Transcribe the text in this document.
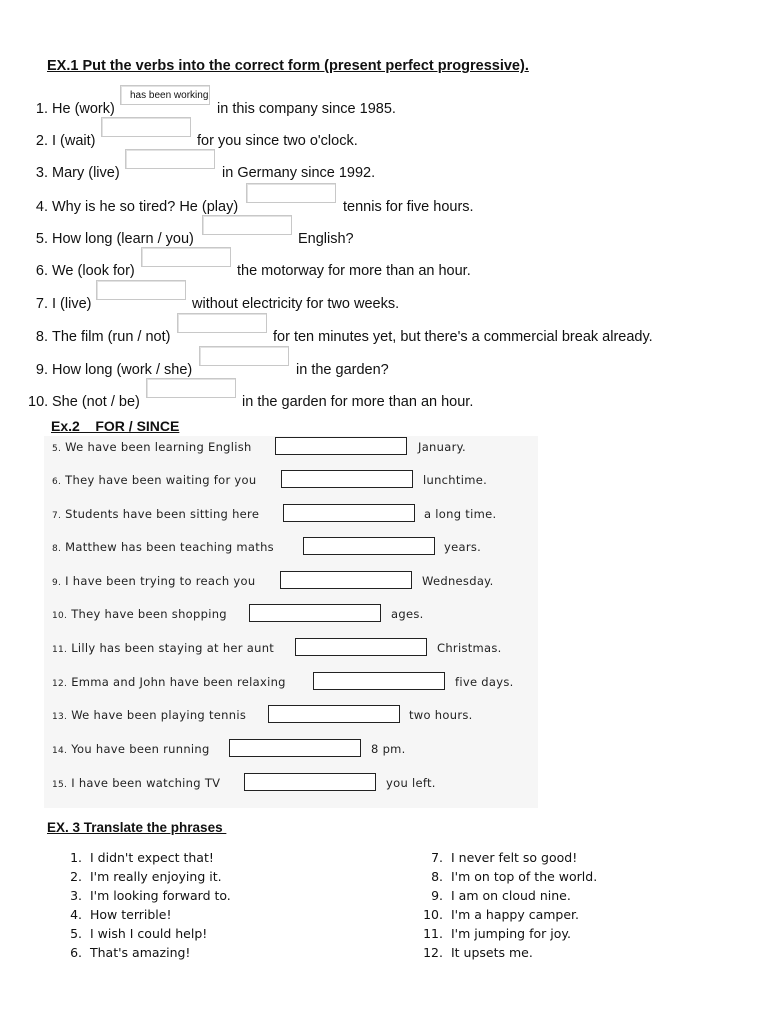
EX.1 Put the verbs into the correct form (present perfect progressive).
1. He (work)
has been working	in this company since 1985.
2. I (wait)	for you since two o'clock.
3. Mary (live)	in Germany since 1992.
4. Why is he so tired? He (play)	tennis for five hours.
5. How long (learn / you)	English?
6. We (look for)	the motorway for more than an hour.
7. I (live)	without electricity for two weeks.
8. The film (run / not)	for ten minutes yet, but there's a commercial break already.
9. How long (work / she)	in the garden?
10. She (not / be)	in the garden for more than an hour.
Ex.2    FOR / SINCE
5. We have been learning English	January.
6. They have been waiting for you	lunchtime.
7. Students have been sitting here	a long time.
8. Matthew has been teaching maths	years.
9. I have been trying to reach you	Wednesday.
10. They have been shopping	ages.
11. Lilly has been staying at her aunt	Christmas.
12. Emma and John have been relaxing	five days.
13. We have been playing tennis	two hours.
14. You have been running	8 pm.
15. I have been watching TV	you left.
EX. 3 Translate the phrases
1. I didn't expect that!
2. I'm really enjoying it.
3. I'm looking forward to.
4. How terrible!
5. I wish I could help!
6. That's amazing!
7. I never felt so good!
8. I'm on top of the world.
9. I am on cloud nine.
10. I'm a happy camper.
11. I'm jumping for joy.
12. It upsets me.
